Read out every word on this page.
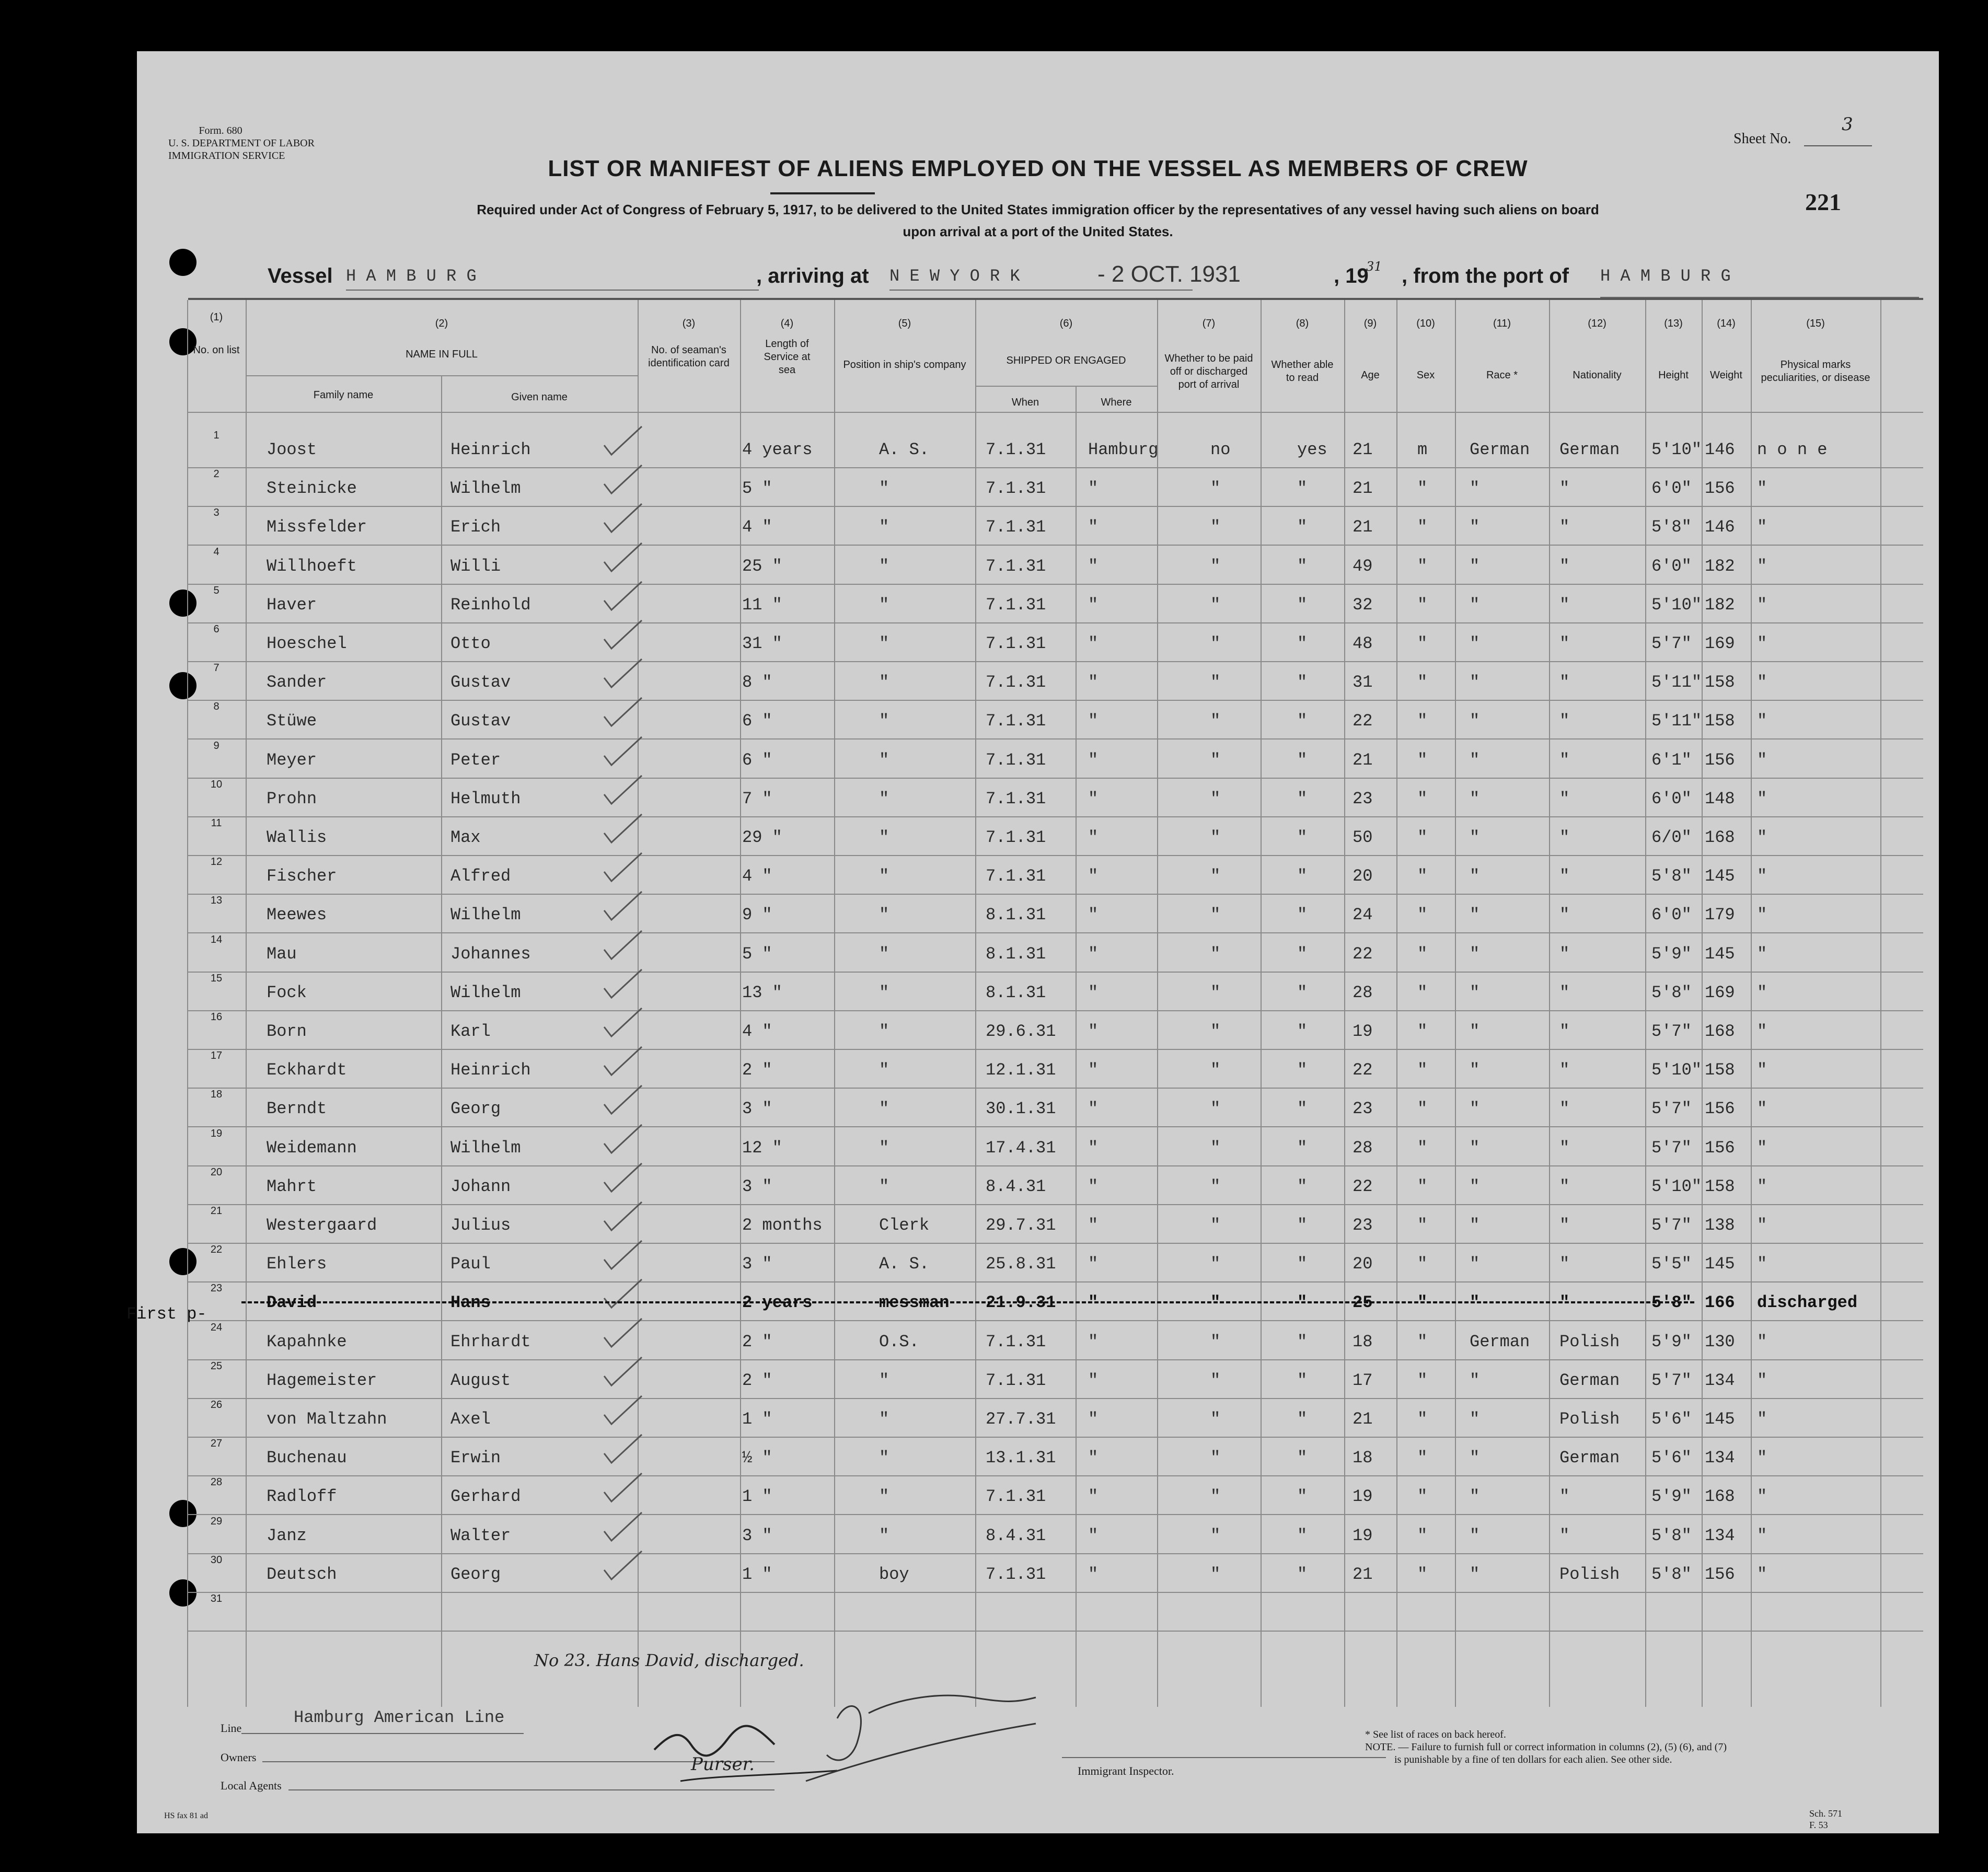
Form. 680
U. S. DEPARTMENT OF LABOR
IMMIGRATION SERVICE	LIST OR MANIFEST OF ALIENS EMPLOYED ON THE VESSEL AS MEMBERS OF CREW
Required under Act of Congress of February 5, 1917, to be delivered to the United States immigration officer by the representatives of any vessel having such aliens on board
upon arrival at a port of the United States.
Sheet No.
3
221
Vessel H A M B U R G	, arriving at N E W Y O R K	- 2 OCT. 1931	, 19
31 , from the port of H A M B U R G
(1)
No. on list
(2)
NAME IN FULL
Family name	Given name
(3)
No. of seaman's identification card
(4)
Length of Service at sea
(5)
Position in ship's company
(6)
SHIPPED OR ENGAGED
When	Where
(7)
Whether to be paid off or discharged port of arrival
(8)
Whether able to read
(9)
Age
(10)
Sex
(11)
Race *
(12)
Nationality
(13)
Height
(14)
Weight
(15)
Physical marks peculiarities, or disease
1
Joost	Heinrich	4 years	A. S.	7.1.31	Hamburg	no	yes 21	m	German German 5'10" 146 n o n e
2
Steinicke	Wilhelm	5 "	"	7.1.31	"	"	"	21	"	"	"	6'0" 156 "
3
Missfelder	Erich	4 "	"	7.1.31	"	"	"	21	"	"	"	5'8" 146 "
4
Willhoeft	Willi	25 "	"	7.1.31	"	"	"	49	"	"	"	6'0" 182 "
5
Haver	Reinhold	11 "	"	7.1.31	"	"	"	32	"	"	"	5'10" 182 "
6
Hoeschel	Otto	31 "	"	7.1.31	"	"	"	48	"	"	"	5'7" 169 "
7
Sander	Gustav	8 "	"	7.1.31	"	"	"	31	"	"	"	5'11" 158 "
8
Stüwe	Gustav	6 "	"	7.1.31	"	"	"	22	"	"	"	5'11" 158 "
9
Meyer	Peter	6 "	"	7.1.31	"	"	"	21	"	"	"	6'1" 156 "
10
Prohn	Helmuth	7 "	"	7.1.31	"	"	"	23	"	"	"	6'0" 148 "
11
Wallis	Max	29 "	"	7.1.31	"	"	"	50	"	"	"	6/0" 168 "
12
Fischer	Alfred	4 "	"	7.1.31	"	"	"	20	"	"	"	5'8" 145 "
13
Meewes	Wilhelm	9 "	"	8.1.31	"	"	"	24	"	"	"	6'0" 179 "
14
Mau	Johannes	5 "	"	8.1.31	"	"	"	22	"	"	"	5'9" 145 "
15
Fock	Wilhelm	13 "	"	8.1.31	"	"	"	28	"	"	"	5'8" 169 "
16
Born	Karl	4 "	"	29.6.31 "	"	"	19	"	"	"	5'7" 168 "
17
Eckhardt	Heinrich	2 "	"	12.1.31 "	"	"	22	"	"	"	5'10" 158 "
18
Berndt	Georg	3 "	"	30.1.31 "	"	"	23	"	"	"	5'7" 156 "
19
Weidemann	Wilhelm	12 "	"	17.4.31 "	"	"	28	"	"	"	5'7" 156 "
20
Mahrt	Johann	3 "	"	8.4.31	"	"	"	22	"	"	"	5'10" 158 "
21
Westergaard	Julius	2 months	Clerk	29.7.31 "	"	"	23	"	"	"	5'7" 138 "
22
Ehlers	Paul	3 "	A. S.	25.8.31 "	"	"	20	"	"	"	5'5" 145 "
23
David	Hans	2 years	messman 21.9.31 "	"	"	25	"	"	"	5'8" 166 discharged
24
Kapahnke	Ehrhardt	2 "	O.S.	7.1.31	"	"	"	18	"	German Polish 5'9" 130 "
25
Hagemeister	August	2 "	"	7.1.31	"	"	"	17	"	"	German 5'7" 134 "
26
von Maltzahn	Axel	1 "	"	27.7.31 "	"	"	21	"	"	Polish 5'6" 145 "
27
Buchenau	Erwin	½ "	"	13.1.31 "	"	"	18	"	"	German 5'6" 134 "
28
Radloff	Gerhard	1 "	"	7.1.31	"	"	"	19	"	"	"	5'9" 168 "
29
Janz	Walter	3 "	"	8.4.31	"	"	"	19	"	"	"	5'8" 134 "
30
Deutsch	Georg	1 "	boy	7.1.31	"	"	"	21	"	"	Polish 5'8" 156 "
31
First p-
No 23. Hans David, discharged.
Line
Hamburg American Line
Owners
Local Agents
Purser.	Immigrant Inspector.
* See list of races on back hereof.
NOTE. — Failure to furnish full or correct information in columns (2), (5) (6), and (7)
is punishable by a fine of ten dollars for each alien. See other side.
HS fax 81 ad	Sch. 571
F. 53
